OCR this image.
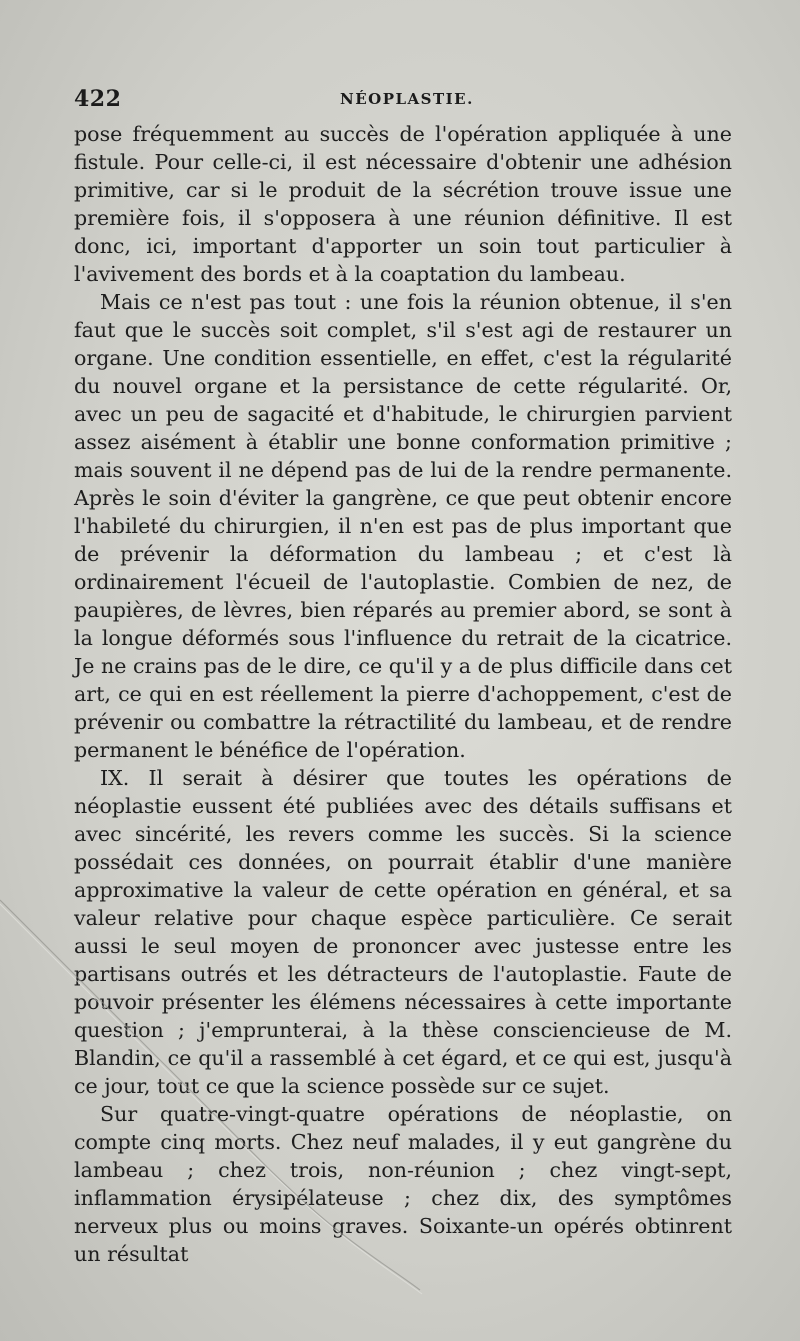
422	NÉOPLASTIE.

pose fréquemment au succès de l'opération appliquée à une fistule. Pour celle-ci, il est nécessaire d'obtenir une adhésion primitive, car si le produit de la sécrétion trouve issue une première fois, il s'opposera à une réunion définitive. Il est donc, ici, important d'apporter un soin tout particulier à l'avivement des bords et à la coaptation du lambeau.

Mais ce n'est pas tout : une fois la réunion obtenue, il s'en faut que le succès soit complet, s'il s'est agi de restaurer un organe. Une condition essentielle, en effet, c'est la régularité du nouvel organe et la persistance de cette régularité. Or, avec un peu de sagacité et d'habitude, le chirurgien parvient assez aisément à établir une bonne conformation primitive ; mais souvent il ne dépend pas de lui de la rendre permanente. Après le soin d'éviter la gangrène, ce que peut obtenir encore l'habileté du chirurgien, il n'en est pas de plus important que de prévenir la déformation du lambeau ; et c'est là ordinairement l'écueil de l'autoplastie. Combien de nez, de paupières, de lèvres, bien réparés au premier abord, se sont à la longue déformés sous l'influence du retrait de la cicatrice. Je ne crains pas de le dire, ce qu'il y a de plus difficile dans cet art, ce qui en est réellement la pierre d'achoppement, c'est de prévenir ou combattre la rétractilité du lambeau, et de rendre permanent le bénéfice de l'opération.

IX. Il serait à désirer que toutes les opérations de néoplastie eussent été publiées avec des détails suffisans et avec sincérité, les revers comme les succès. Si la science possédait ces données, on pourrait établir d'une manière approximative la valeur de cette opération en général, et sa valeur relative pour chaque espèce particulière. Ce serait aussi le seul moyen de prononcer avec justesse entre les partisans outrés et les détracteurs de l'autoplastie. Faute de pouvoir présenter les élémens nécessaires à cette importante question ; j'emprunterai, à la thèse consciencieuse de M. Blandin, ce qu'il a rassemblé à cet égard, et ce qui est, jusqu'à ce jour, tout ce que la science possède sur ce sujet.

Sur quatre-vingt-quatre opérations de néoplastie, on compte cinq morts. Chez neuf malades, il y eut gangrène du lambeau ; chez trois, non-réunion ; chez vingt-sept, inflammation érysipélateuse ; chez dix, des symptômes nerveux plus ou moins graves. Soixante-un opérés obtinrent un résultat
